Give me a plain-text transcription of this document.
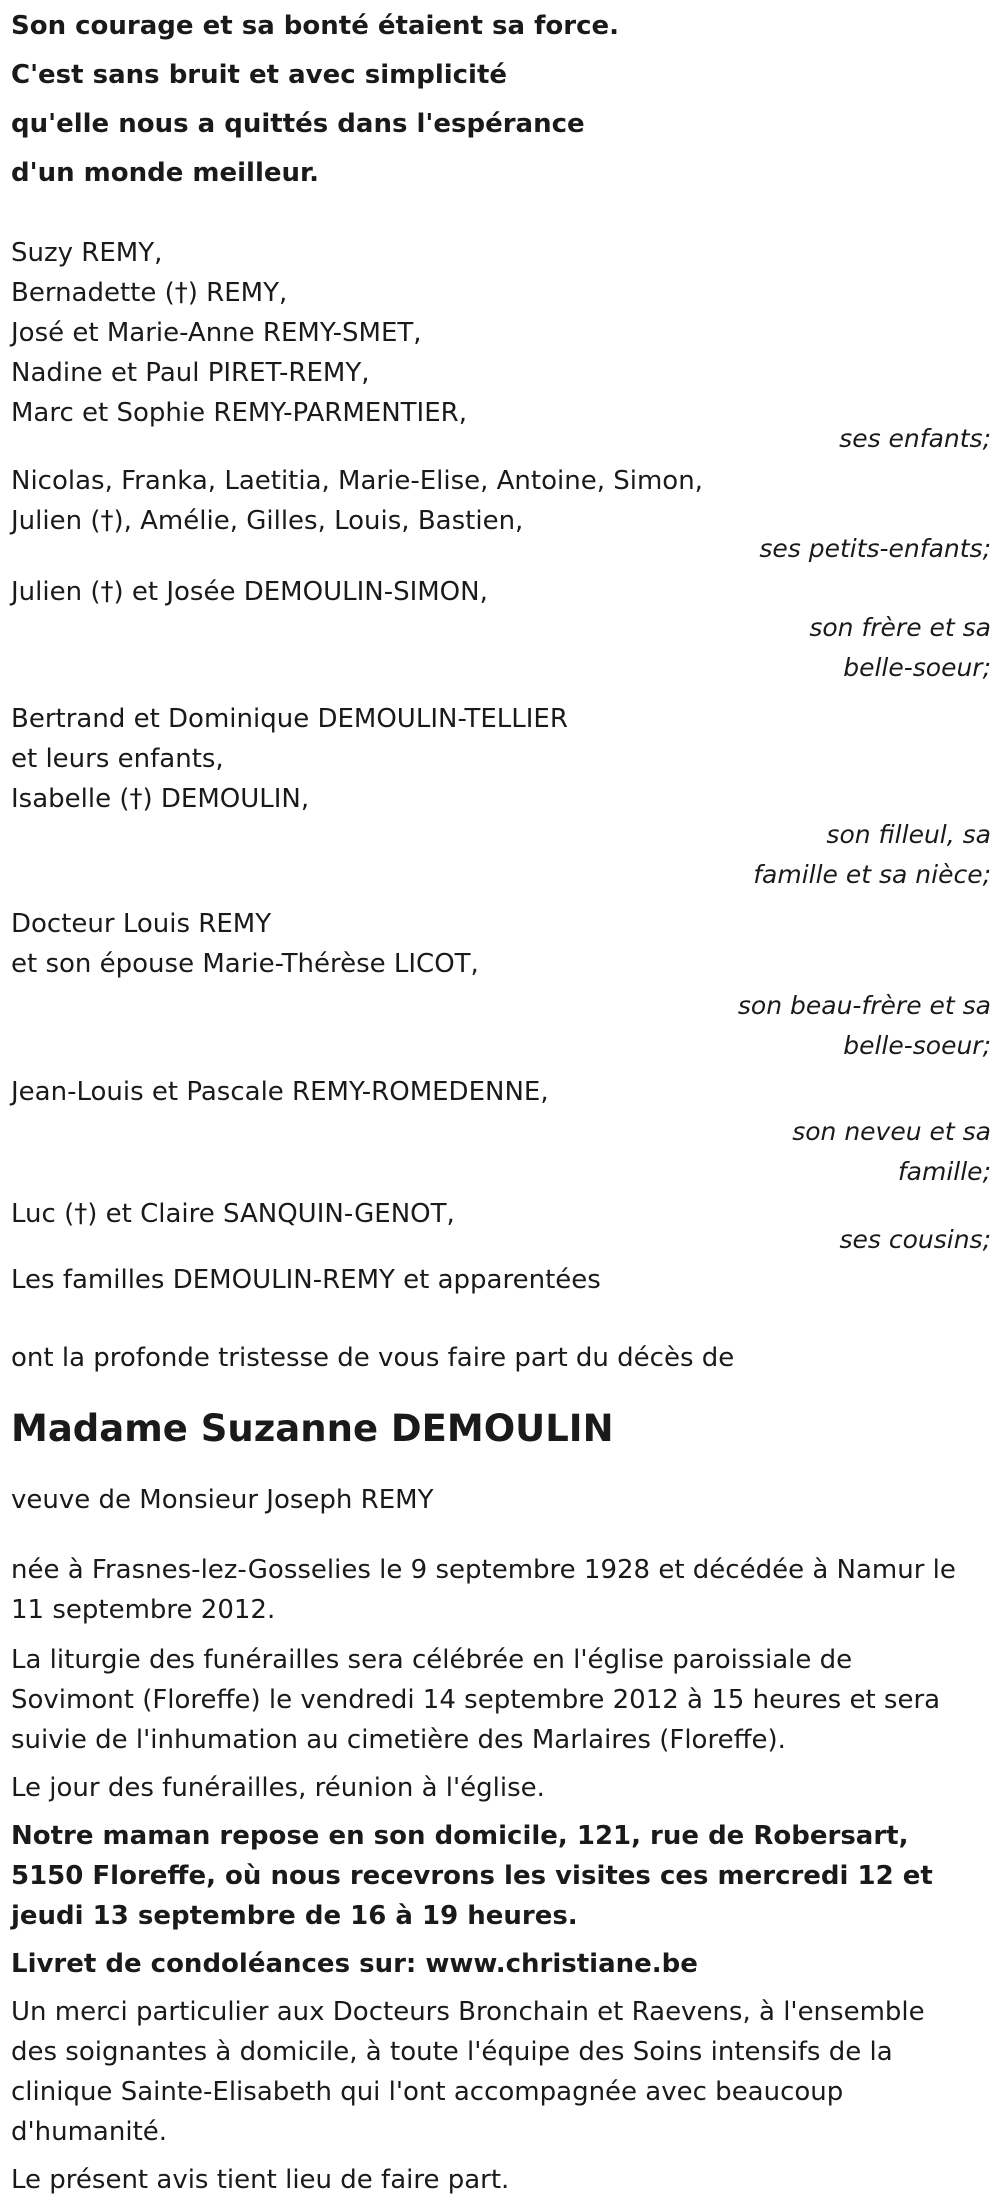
Son courage et sa bonté étaient sa force.
C'est sans bruit et avec simplicité
qu'elle nous a quittés dans l'espérance
d'un monde meilleur.
Suzy REMY,
Bernadette (†) REMY,
José et Marie-Anne REMY-SMET,
Nadine et Paul PIRET-REMY,
Marc et Sophie REMY-PARMENTIER,
ses enfants;
Nicolas, Franka, Laetitia, Marie-Elise, Antoine, Simon,
Julien (†), Amélie, Gilles, Louis, Bastien,
ses petits-enfants;
Julien (†) et Josée DEMOULIN-SIMON,
son frère et sa
belle-soeur;
Bertrand et Dominique DEMOULIN-TELLIER
et leurs enfants,
Isabelle (†) DEMOULIN,
son filleul, sa
famille et sa nièce;
Docteur Louis REMY
et son épouse Marie-Thérèse LICOT,
son beau-frère et sa
belle-soeur;
Jean-Louis et Pascale REMY-ROMEDENNE,
son neveu et sa
famille;
Luc (†) et Claire SANQUIN-GENOT,
ses cousins;
Les familles DEMOULIN-REMY et apparentées
ont la profonde tristesse de vous faire part du décès de
Madame Suzanne DEMOULIN
veuve de Monsieur Joseph REMY
née à Frasnes-lez-Gosselies le 9 septembre 1928 et décédée à Namur le 11 septembre 2012.
La liturgie des funérailles sera célébrée en l'église paroissiale de Sovimont (Floreffe) le vendredi 14 septembre 2012 à 15 heures et sera suivie de l'inhumation au cimetière des Marlaires (Floreffe).
Le jour des funérailles, réunion à l'église.
Notre maman repose en son domicile, 121, rue de Robersart, 5150 Floreffe, où nous recevrons les visites ces mercredi 12 et jeudi 13 septembre de 16 à 19 heures.
Livret de condoléances sur: www.christiane.be
Un merci particulier aux Docteurs Bronchain et Raevens, à l'ensemble des soignantes à domicile, à toute l'équipe des Soins intensifs de la clinique Sainte-Elisabeth qui l'ont accompagnée avec beaucoup d'humanité.
Le présent avis tient lieu de faire part.
